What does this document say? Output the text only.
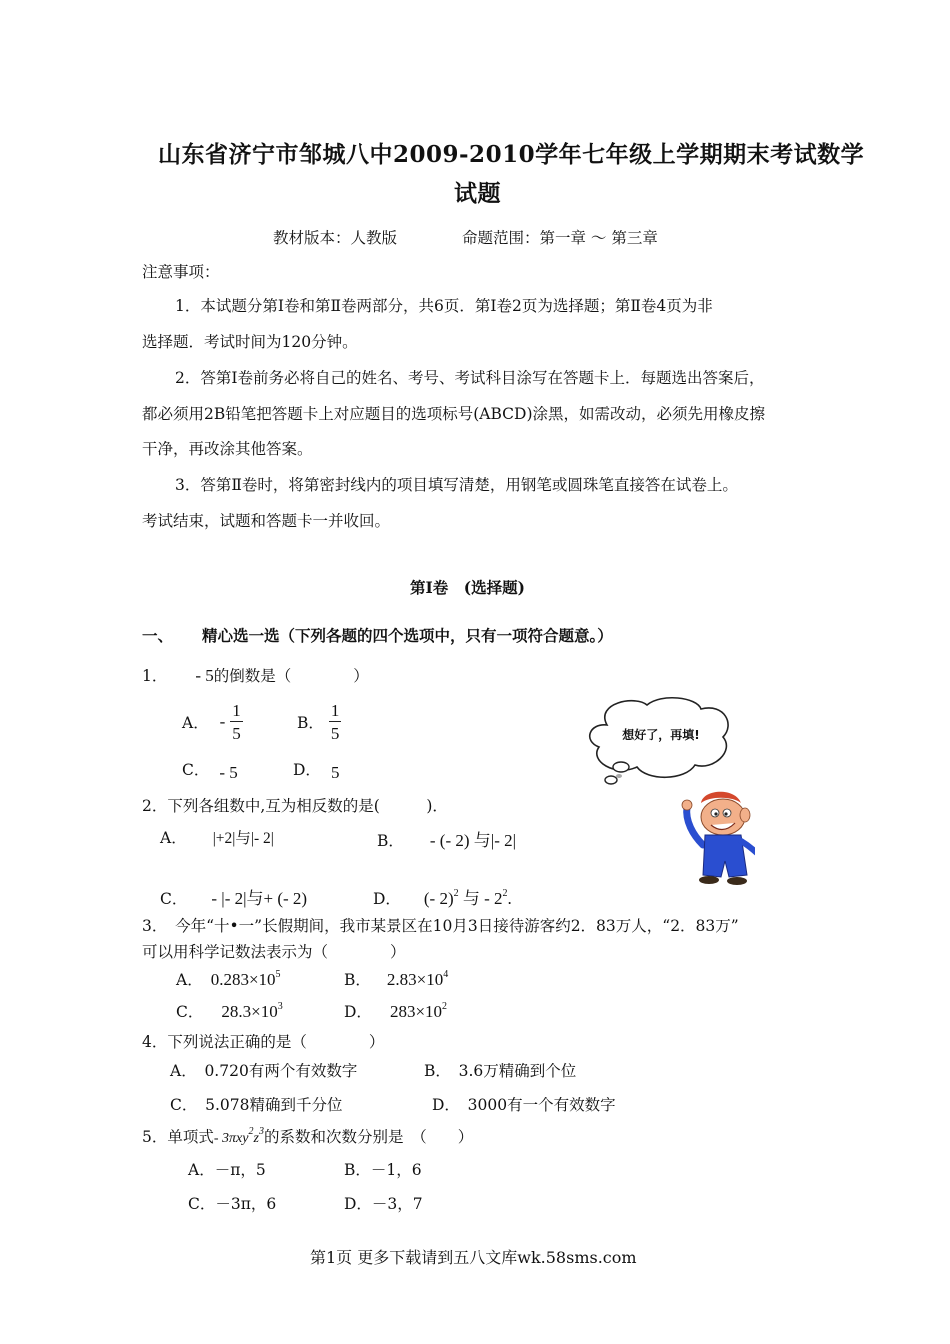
山东省济宁市邹城八中2009-2010学年七年级上学期期末考试数学
试题
教材版本：人教版	命题范围：第一章 ～ 第三章
注意事项：
1．本试题分第Ⅰ卷和第Ⅱ卷两部分，共6页．第Ⅰ卷2页为选择题；第Ⅱ卷4页为非
选择题．考试时间为120分钟。
2．答第Ⅰ卷前务必将自己的姓名、考号、考试科目涂写在答题卡上．每题选出答案后，
都必须用2B铅笔把答题卡上对应题目的选项标号(ABCD)涂黑，如需改动，必须先用橡皮擦
干净，再改涂其他答案。
3．答第Ⅱ卷时，将第密封线内的项目填写清楚，用钢笔或圆珠笔直接答在试卷上。
考试结束，试题和答题卡一并收回。
第Ⅰ卷　(选择题)
一、 精心选一选（下列各题的四个选项中，只有一项符合题意。）
想好了，再填!
1． - 5的倒数是（　　　　）
A． - $\frac{1}{5}$	B． $\frac{1}{5}$
C． - 5	D． 5
2．下列各组数中,互为相反数的是(　　　)．
A． |+2|与|- 2|	B． - (- 2) 与|- 2|
C． - |- 2|与+ (- 2)	D． (- 2)$^2$ 与 - $2^2$.
3．　今年“十•一”长假期间，我市某景区在10月3日接待游客约2．83万人，“2．83万”
可以用科学记数法表示为（　　　　）
A． $0.283\times 10^5$	B． $2.83\times 10^4$
C． $28.3\times 10^3$	D． $283\times 10^2$
4．下列说法正确的是（　　　　）
A．　0.720有两个有效数字	B．　3.6万精确到个位
C．　5.078精确到千分位	D．　3000有一个有效数字
5．单项式- $3\pi xy^2z^3$的系数和次数分别是　（　　）
A．－π，5	B．－1，6
C．－3π，6	D．－3，7
第1页 更多下载请到五八文库wk.58sms.com
